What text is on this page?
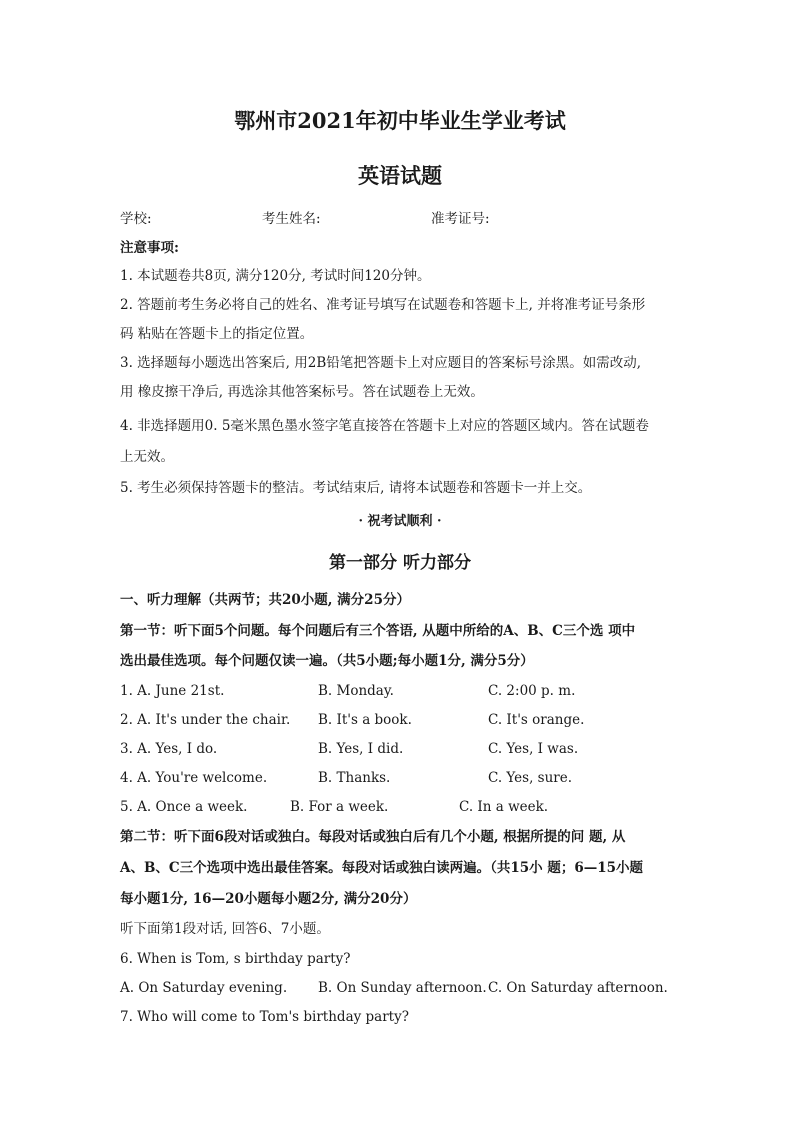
鄂州市2021年初中毕业生学业考试
英语试题
学校:	考生姓名:	准考证号:
注意事项:
1. 本试题卷共8页, 满分120分, 考试时间120分钟。
2. 答题前考生务必将自己的姓名、准考证号填写在试题卷和答题卡上, 并将准考证号条形
码 粘贴在答题卡上的指定位置。
3. 选择题每小题选出答案后, 用2B铅笔把答题卡上对应题目的答案标号涂黑。如需改动,
用 橡皮擦干净后, 再选涂其他答案标号。答在试题卷上无效。
4. 非选择题用0. 5毫米黑色墨水签字笔直接答在答题卡上对应的答题区域内。答在试题卷
上无效。
5. 考生必须保持答题卡的整洁。考试结束后, 请将本试题卷和答题卡一并上交。
· 祝考试顺利 ·
第一部分 听力部分
一、听力理解（共两节；共20小题, 满分25分）
第一节：听下面5个问题。每个问题后有三个答语, 从题中所给的A、B、C三个选 项中
选出最佳选项。每个问题仅读一遍。（共5小题;每小题1分, 满分5分）
1. A. June 21st.	B. Monday.	C. 2:00 p. m.
2. A. It's under the chair. B. It's a book.	C. It's orange.
3. A. Yes, I do.	B. Yes, I did.	C. Yes, I was.
4. A. You're welcome.	B. Thanks.	C. Yes, sure.
5. A. Once a week.	B. For a week.	C. In a week.
第二节：听下面6段对话或独白。每段对话或独白后有几个小题, 根据所提的问 题, 从
A、B、C三个选项中选出最佳答案。每段对话或独白读两遍。（共15小 题；6—15小题
每小题1分, 16—20小题每小题2分, 满分20分）
听下面第1段对话, 回答6、7小题。
6. When is Tom, s birthday party?
A. On Saturday evening. B. On Sunday afternoon. C. On Saturday afternoon.
7. Who will come to Tom's birthday party?
